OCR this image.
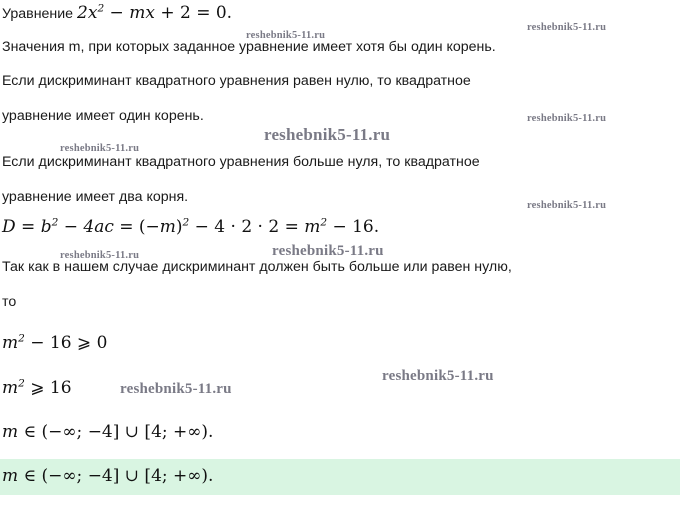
Уравнение $2x^2$ − mx + 2 = 0.
Значения m, при которых заданное уравнение имеет хотя бы один корень.
Если дискриминант квадратного уравнения равен нулю, то квадратное
уравнение имеет один корень.
Если дискриминант квадратного уравнения больше нуля, то квадратное
уравнение имеет два корня.
$D = b^2 - 4ac = (-m)^2 - 4 \cdot 2 \cdot 2 = m^2 - 16$.
Так как в нашем случае дискриминант должен быть больше или равен нулю,
то
$m^2 - 16$ ⩾ 0
$m^2$ ⩾ 16
m ∈ (−∞; −4] ∪ [4; +∞).
m ∈ (−∞; −4] ∪ [4; +∞).
reshebnik5-11.ru
reshebnik5-11.ru
reshebnik5-11.ru
reshebnik5-11.ru
reshebnik5-11.ru
reshebnik5-11.ru
reshebnik5-11.ru	reshebnik5-11.ru
reshebnik5-11.ru
reshebnik5-11.ru
